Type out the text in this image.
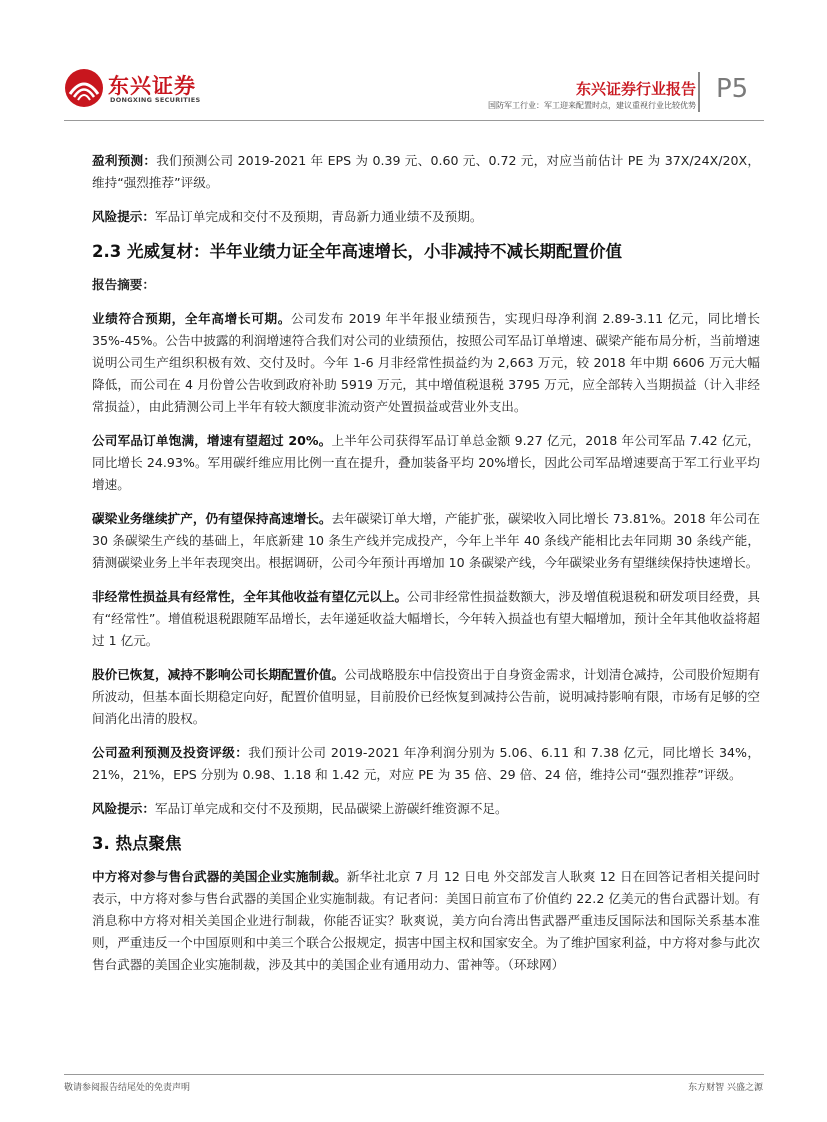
东兴证券
DONGXING SECURITIES
东兴证券行业报告
国防军工行业：军工迎来配置时点，建议重视行业比较优势
P5

盈利预测：我们预测公司 2019-2021 年 EPS 为 0.39 元、0.60 元、0.72 元，对应当前估计 PE 为 37X/24X/20X，维持“强烈推荐”评级。

风险提示：军品订单完成和交付不及预期，青岛新力通业绩不及预期。

2.3 光威复材：半年业绩力证全年高速增长，小非减持不减长期配置价值

报告摘要：

业绩符合预期，全年高增长可期。公司发布 2019 年半年报业绩预告，实现归母净利润 2.89-3.11 亿元，同比增长 35%-45%。公告中披露的利润增速符合我们对公司的业绩预估，按照公司军品订单增速、碳梁产能布局分析，当前增速说明公司生产组织积极有效、交付及时。今年 1-6 月非经常性损益约为 2,663 万元，较 2018 年中期 6606 万元大幅降低，而公司在 4 月份曾公告收到政府补助 5919 万元，其中增值税退税 3795 万元，应全部转入当期损益（计入非经常损益），由此猜测公司上半年有较大额度非流动资产处置损益或营业外支出。

公司军品订单饱满，增速有望超过 20%。上半年公司获得军品订单总金额 9.27 亿元，2018 年公司军品 7.42 亿元，同比增长 24.93%。军用碳纤维应用比例一直在提升，叠加装备平均 20%增长，因此公司军品增速要高于军工行业平均增速。

碳梁业务继续扩产，仍有望保持高速增长。去年碳梁订单大增，产能扩张，碳梁收入同比增长 73.81%。2018 年公司在 30 条碳梁生产线的基础上，年底新建 10 条生产线并完成投产，今年上半年 40 条线产能相比去年同期 30 条线产能，猜测碳梁业务上半年表现突出。根据调研，公司今年预计再增加 10 条碳梁产线，今年碳梁业务有望继续保持快速增长。

非经常性损益具有经常性，全年其他收益有望亿元以上。公司非经常性损益数额大，涉及增值税退税和研发项目经费，具有“经常性”。增值税退税跟随军品增长，去年递延收益大幅增长，今年转入损益也有望大幅增加，预计全年其他收益将超过 1 亿元。

股价已恢复，减持不影响公司长期配置价值。公司战略股东中信投资出于自身资金需求，计划清仓减持，公司股价短期有所波动，但基本面长期稳定向好，配置价值明显，目前股价已经恢复到减持公告前，说明减持影响有限，市场有足够的空间消化出清的股权。

公司盈利预测及投资评级：我们预计公司 2019-2021 年净利润分别为 5.06、6.11 和 7.38 亿元，同比增长 34%，21%，21%，EPS 分别为 0.98、1.18 和 1.42 元，对应 PE 为 35 倍、29 倍、24 倍，维持公司“强烈推荐”评级。

风险提示：军品订单完成和交付不及预期，民品碳梁上游碳纤维资源不足。

3. 热点聚焦

中方将对参与售台武器的美国企业实施制裁。新华社北京 7 月 12 日电 外交部发言人耿爽 12 日在回答记者相关提问时表示，中方将对参与售台武器的美国企业实施制裁。有记者问：美国日前宣布了价值约 22.2 亿美元的售台武器计划。有消息称中方将对相关美国企业进行制裁，你能否证实？耿爽说，美方向台湾出售武器严重违反国际法和国际关系基本准则，严重违反一个中国原则和中美三个联合公报规定，损害中国主权和国家安全。为了维护国家利益，中方将对参与此次售台武器的美国企业实施制裁，涉及其中的美国企业有通用动力、雷神等。（环球网）

敬请参阅报告结尾处的免责声明	东方财智 兴盛之源
